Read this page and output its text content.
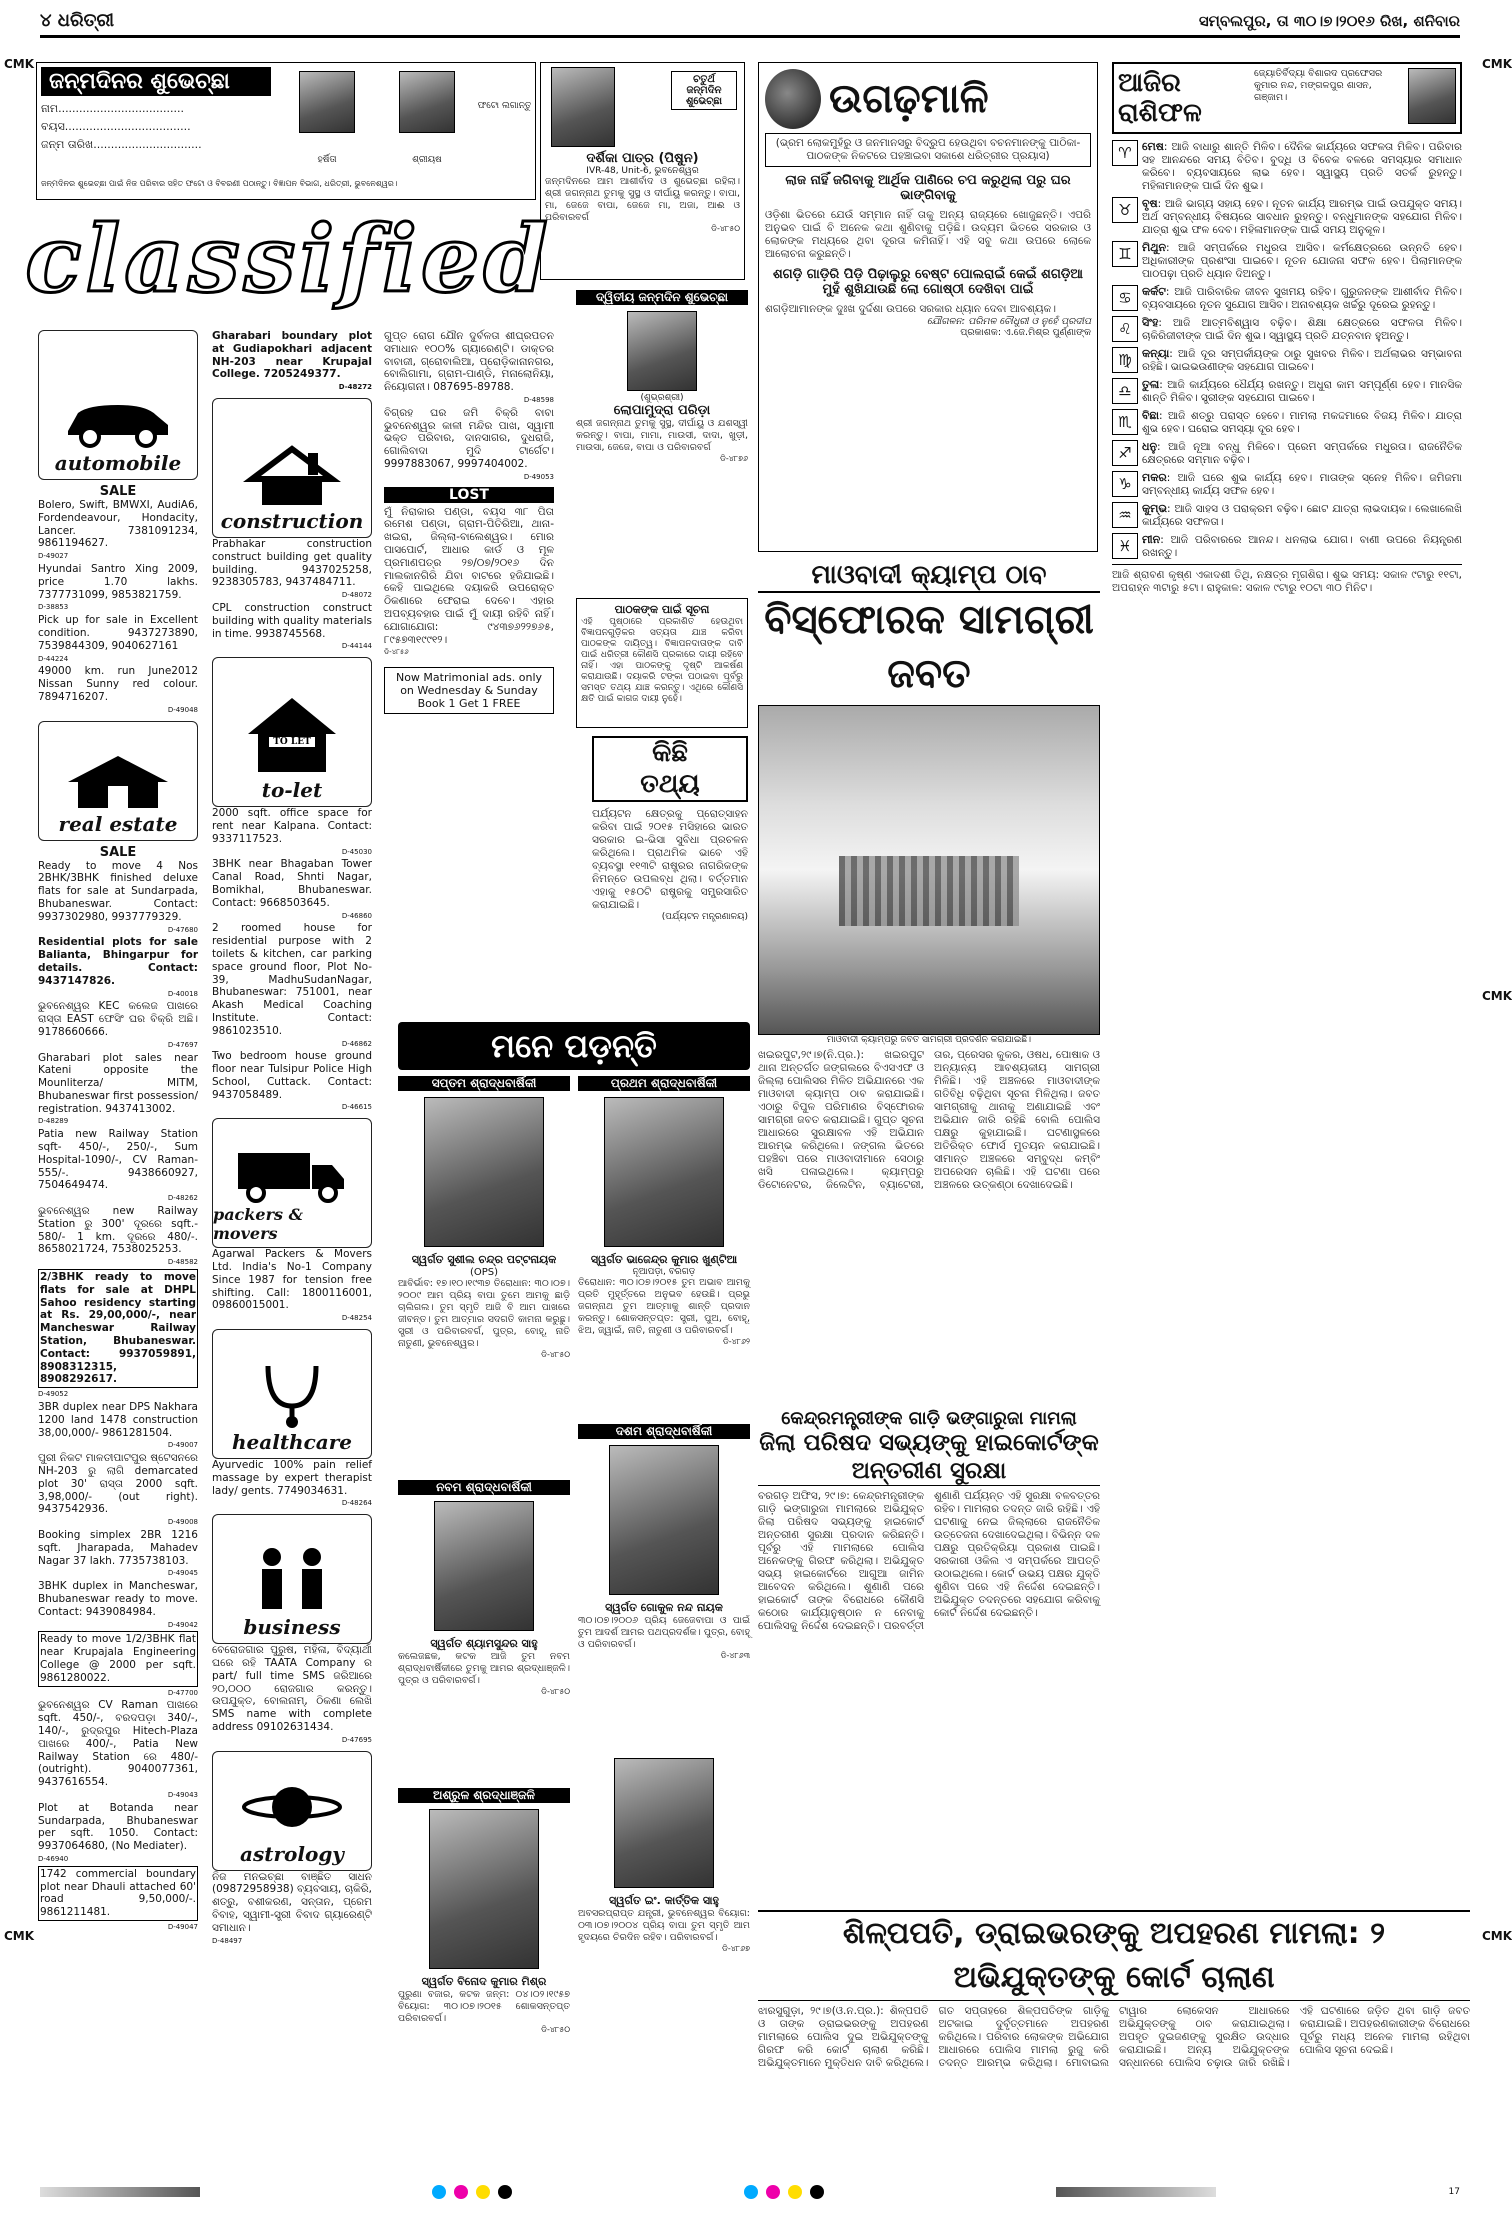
୪ ଧରିତ୍ରୀ	ସମ୍ବଲପୁର, ତା ୩୦।୭।୨୦୧୬ ରିଖ, ଶନିବାର
CMK	CMK
CMK
CMK	CMK
ଜନ୍ମଦିନର ଶୁଭେଚ୍ଛା
ନାମ....................................
ବୟସ....................................
ଜନ୍ମ ତାରିଖ...............................
ହର୍ଷିତା	ଶ୍ରୀୟଷ
ଫଟୋ ଲଗାନ୍ତୁ
ଜନ୍ମଦିନର ଶୁଭେଚ୍ଛା ପାଇଁ ନିଜ ପରିବାର ସହିତ ଫଟୋ ଓ ବିବରଣୀ ପଠାନ୍ତୁ। ବିଜ୍ଞାପନ ବିଭାଗ, ଧରିତ୍ରୀ, ଭୁବନେଶ୍ୱର।
ଚତୁର୍ଥ ଜନ୍ମଦିନ ଶୁଭେଚ୍ଛା
ଦର୍ଶିକା ପାତ୍ର (ପିଷୁନ)
IVR-48, Unit-6, ଭୁବନେଶ୍ୱର
ଜନ୍ମଦିନରେ ଆମ ଆଶୀର୍ବାଦ ଓ ଶୁଭେଚ୍ଛା ରହିଲା। ଶ୍ରୀ ଜଗନ୍ନାଥ ତୁମକୁ ସୁସ୍ଥ ଓ ଦୀର୍ଘାୟୁ କରନ୍ତୁ। ବାପା, ମା, ଜେଜେ ବାପା, ଜେଜେ ମା, ଅଜା, ଆଈ ଓ ପରିବାରବର୍ଗ
ଡି-୪୮୫୦
classified
automobile
SALE
Bolero, Swift, BMWXI, AudiA6, Fordendeavour, Hondacity, Lancer. 7381091234, 9861194627.
D-49027
Hyundai Santro Xing 2009, price 1.70 lakhs. 7377731099, 9853821759.
D-38853
Pick up for sale in Excellent condition. 9437273890, 7539844309, 9040627161
D-44224
49000 km. run June2012 Nissan Sunny red colour. 7894716207.
D-49048
real estate
SALE
Ready to move 4 Nos 2BHK/3BHK finished deluxe flats for sale at Sundarpada, Bhubaneswar. Contact: 9937302980, 9937779329.
D-47680
Residential plots for sale Balianta, Bhingarpur for details. Contact: 9437147826.
D-40018
ଭୁବନେଶ୍ୱର KEC କଲେଜ ପାଖରେ ରାସ୍ତା EAST ଫେସିଂ ଘର ବିକ୍ରି ଅଛି। 9178660666.
D-47697
Gharabari plot sales near Kateni opposite the Mounliterza/ MITM, Bhubaneswar first possession/ registration. 9437413002.
D-48289
Patia new Railway Station sqft- 450/-, 250/-, Sum Hospital-1090/-, CV Raman-555/-. 9438660927, 7504649474.
D-48262
ଭୁବନେଶ୍ୱର new Railway Station ରୁ 300' ଦୂରରେ sqft.- 580/- 1 km. ଦୂରରେ 480/-. 8658021724, 7538025253.
D-48582
2/3BHK ready to move flats for sale at DHPL Sahoo residency starting at Rs. 29,00,000/-, near Mancheswar Railway Station, Bhubaneswar. Contact: 9937059891, 8908312315, 8908292617.
D-49052
3BR duplex near DPS Nakhara 1200 land 1478 construction 38,00,000/- 9861281504.
D-49007
ପୁରୀ ନିକଟ ମାଳତୀପାଟପୁର ଷ୍ଟେସନରେ NH-203 ରୁ ଲାଗି demarcated plot 30' ରାସ୍ତା 2000 sqft. 3,98,000/- (out right). 9437542936.
D-49008
Booking simplex 2BR 1216 sqft. Jharapada, Mahadev Nagar 37 lakh. 7735738103.
D-49045
3BHK duplex in Mancheswar, Bhubaneswar ready to move. Contact: 9439084984.
D-49042
Ready to move 1/2/3BHK flat near Krupajala Engineering College @ 2000 per sqft. 9861280022.
D-47700
ଭୁବନେଶ୍ୱର CV Raman ପାଖରେ sqft. 450/-, ବରଦପଡ଼ା 340/-, 140/-, ରୁଦ୍ରପୁର Hitech-Plaza ପାଖରେ 400/-, Patia New Railway Station ରେ 480/- (outright). 9040077361, 9437616554.
D-49043
Plot at Botanda near Sundarpada, Bhubaneswar per sqft. 1050. Contact: 9937064680, (No Mediater).
D-46940
1742 commercial boundary plot near Dhauli attached 60' road 9,50,000/-. 9861211481.
D-49047
Gharabari boundary plot at Gudiapokhari adjacent NH-203 near Krupajal College. 7205249377.
D-48272
construction
Prabhakar construction construct building get quality building. 9437025258, 9238305783, 9437484711.
D-48072
CPL construction construct building with quality materials in time. 9938745568.
D-44144
TO LET
to-let
2000 sqft. office space for rent near Kalpana. Contact: 9337117523.
D-45030
3BHK near Bhagaban Tower Canal Road, Shnti Nagar, Bomikhal, Bhubaneswar. Contact: 9668503645.
D-46860
2 roomed house for residential purpose with 2 toilets & kitchen, car parking space ground floor, Plot No-39, MadhuSudanNagar, Bhubaneswar: 751001, near Akash Medical Coaching Institute. Contact: 9861023510.
D-46862
Two bedroom house ground floor near Tulsipur Police High School, Cuttack. Contact: 9437058489.
D-46615
packers & movers
Agarwal Packers & Movers Ltd. India's No-1 Company Since 1987 for tension free shifting. Call: 1800116001, 09860015001.
D-48254
healthcare
Ayurvedic 100% pain relief massage by expert therapist lady/ gents. 7749034631.
D-48264
business
ବେରୋଜଗାର ପୁରୁଷ, ମହିଳା, ବିଦ୍ୟାର୍ଥୀ ଘରେ ରହି TAATA Company ର part/ full time SMS ଜରିଆରେ ୨୦,୦୦୦ ରୋଜଗାର କରନ୍ତୁ। ଉପଯୁକ୍ତ, ବୋଲନାମ୍, ଠିକଣା ଲେଖି SMS name with complete address 09102631434.
D-47695
astrology
ନିଜ ମନଇଚ୍ଛା ବାଞ୍ଛିତ ସାଧନ (09872958938) ବ୍ୟବସାୟ, ଚାକିରି, ଶତ୍ରୁ, ବଶୀକରଣ, ସନ୍ତାନ, ପ୍ରେମ ବିବାହ, ସ୍ୱାମୀ-ସ୍ତ୍ରୀ ବିବାଦ ଗ୍ୟାରେଣ୍ଟି ସମାଧାନ।
D-48497
ଗୁପ୍ତ ରୋଗ ଯୌନ ଦୁର୍ବଳତା ଶୀଘ୍ରପତନ ସମାଧାନ ୧୦୦% ଗ୍ୟାରେଣ୍ଟି। ଡାକ୍ତର ବାବାଜୀ, ଗ୍ରୋବାଲିଆ, ପ୍ରୋଡ଼ିକାନାନଗର, ବୋଲିଗାମା, ଗ୍ରାମ-ପାଣ୍ଡି, ମନାଲୋନିୟା, ନିୟୋଗନୀ। 087695-89788.
D-48598
ବିଗ୍ରହ ଘର ଜମି ବିକ୍ରି ବାବା ଭୁବନେଶ୍ୱର କାଳୀ ମନ୍ଦିର ପାଖ, ସ୍ୱାମୀ ଭକ୍ତ ପରିବାର, ଦାନସାଗର, ଦୁଧରାଜି, ଗୋଲିବାଦା ମୁଦି ଟାର୍ଗେଟ। 9997883067, 9997404002.
D-49053
LOST
ମୁଁ ନିରାକାର ପଣ୍ଡା, ବୟସ ୩୮ ପିତା ରମେଶ ପଣ୍ଡା, ଗ୍ରାମ-ପିତିରିଆ, ଥାନା-ଖଇରା, ଜିଲ୍ଲା-ବାଲେଶ୍ୱର। ମୋର ପାସପୋର୍ଟ, ଆଧାର କାର୍ଡ ଓ ମୂଳ ପ୍ରମାଣପତ୍ର ୨୭/୦୭/୨୦୧୬ ଦିନ ମାଲକାନଗିରି ଯିବା ବାଟରେ ହଜିଯାଇଛି। କେହି ପାଇଥିଲେ ଦୟାକରି ଉପରୋକ୍ତ ଠିକଣାରେ ଫେରାଇ ଦେବେ। ଏହାର ଅପବ୍ୟବହାର ପାଇଁ ମୁଁ ଦାୟୀ ରହିବି ନାହିଁ। ଯୋଗାଯୋଗ: ୯୪୩୭୬୨୨୭୬୫, ୮୯୫୭୩୧୯୯୧୨।
ଡି-୪୮୫୬
Now Matrimonial ads. only on Wednesday & Sunday Book 1 Get 1 FREE
ପାଠକଙ୍କ ପାଇଁ ସୂଚନା
ଏହି ପୃଷ୍ଠାରେ ପ୍ରକାଶିତ ହେଉଥିବା ବିଜ୍ଞାପନଗୁଡ଼ିକର ସତ୍ୟତା ଯାଞ୍ଚ କରିବା ପାଠକଙ୍କ ଦାୟିତ୍ୱ। ବିଜ୍ଞାପନଦାତାଙ୍କ ଦାବି ପାଇଁ ଧରିତ୍ରୀ କୌଣସି ପ୍ରକାରେ ଦାୟୀ ରହିବେ ନାହିଁ। ଏହା ପାଠକଙ୍କୁ ଦୃଷ୍ଟି ଆକର୍ଷଣ କରାଯାଉଛି। ଦୟାକରି ଟଙ୍କା ପଠାଇବା ପୂର୍ବରୁ ସମସ୍ତ ତଥ୍ୟ ଯାଞ୍ଚ କରନ୍ତୁ। ଏଥିରେ କୌଣସି କ୍ଷତି ପାଇଁ କାଗଜ ଦାୟୀ ନୁହେଁ।
ଦ୍ୱିତୀୟ ଜନ୍ମଦିନ ଶୁଭେଚ୍ଛା
(ଶୁଭ୍ରଶ୍ରୀ)
ଲୋପାମୁଦ୍ରା ପରିଡ଼ା
ଶ୍ରୀ ଜଗନ୍ନାଥ ତୁମକୁ ସୁସ୍ଥ, ଦୀର୍ଘାୟୁ ଓ ଯଶସ୍ୱୀ କରନ୍ତୁ। ବାପା, ମାମା, ମାଉସୀ, ଦାଦା, ଖୁଡ଼ୀ, ମାଉସା, ଜେଜେ, ବାପା ଓ ପରିବାରବର୍ଗ
ଡି-୪୮୭୬
କିଛି
ତଥ୍ୟ
ପର୍ଯ୍ୟଟନ କ୍ଷେତ୍ରକୁ ପ୍ରୋତ୍ସାହନ କରିବା ପାଇଁ ୨୦୧୫ ମସିହାରେ ଭାରତ ସରକାର ଇ-ଭିସା ସୁବିଧା ପ୍ରଚଳନ କରିଥିଲେ। ପ୍ରାଥମିକ ଭାବେ ଏହି ବ୍ୟବସ୍ଥା ୧୧୩ଟି ରାଷ୍ଟ୍ରର ନାଗରିକଙ୍କ ନିମନ୍ତେ ଉପଲବ୍ଧ ଥିଲା। ବର୍ତ୍ତମାନ ଏହାକୁ ୧୫୦ଟି ରାଷ୍ଟ୍ରକୁ ସମ୍ପ୍ରସାରିତ କରାଯାଇଛି।
(ପର୍ଯ୍ୟଟନ ମନ୍ତ୍ରଣାଳୟ)
ମନେ ପଡ଼ନ୍ତି
ସପ୍ତମ ଶ୍ରାଦ୍ଧବାର୍ଷିକୀ
ସ୍ୱର୍ଗତ ସୁଶୀଲ ଚନ୍ଦ୍ର ପଟ୍ଟନାୟକ
(OPS)
ଆବିର୍ଭାବ: ୧୭।୧୦।୧୯୩୭ ତିରୋଧାନ: ୩୦।୦୭।୨୦୦୯ ଆମ ପ୍ରିୟ ବାପା ତୁମେ ଆମକୁ ଛାଡ଼ି ଚାଲିଗଲ। ତୁମ ସ୍ମୃତି ଆଜି ବି ଆମ ପାଖରେ ଜୀବନ୍ତ। ତୁମ ଆତ୍ମାର ସଦଗତି କାମନା କରୁଛୁ। ସ୍ତ୍ରୀ ଓ ପରିବାରବର୍ଗ, ପୁତ୍ର, ବୋହୂ, ନାତି ନାତୁଣୀ, ଭୁବନେଶ୍ୱର।
ଡି-୪୮୫୦
ପ୍ରଥମ ଶ୍ରାଦ୍ଧବାର୍ଷିକୀ
ସ୍ୱର୍ଗତ ଭାଜେନ୍ଦ୍ର କୁମାର ଖୁଣ୍ଟିଆ
ନୂଆପଡ଼ା, ବରଗଡ଼
ତିରୋଧାନ: ୩୦।୦୭।୨୦୧୫ ତୁମ ଅଭାବ ଆମକୁ ପ୍ରତି ମୁହୂର୍ତ୍ତରେ ଅନୁଭବ ହେଉଛି। ପ୍ରଭୁ ଜଗନ୍ନାଥ ତୁମ ଆତ୍ମାକୁ ଶାନ୍ତି ପ୍ରଦାନ କରନ୍ତୁ। ଶୋକସନ୍ତପ୍ତ: ସ୍ତ୍ରୀ, ପୁଅ, ବୋହୂ, ଝିଅ, ଜ୍ୱାଇଁ, ନାତି, ନାତୁଣୀ ଓ ପରିବାରବର୍ଗ।
ଡି-୪୮୬୨
ନବମ ଶ୍ରାଦ୍ଧବାର୍ଷିକୀ
ସ୍ୱର୍ଗତ ଶ୍ୟାମସୁନ୍ଦର ସାହୁ
କଲେଜଛକ, କଟକ ଆଜି ତୁମ ନବମ ଶ୍ରାଦ୍ଧବାର୍ଷିକୀରେ ତୁମକୁ ଆମର ଶ୍ରଦ୍ଧାଞ୍ଜଳି। ପୁତ୍ର ଓ ପରିବାରବର୍ଗ।
ଡି-୪୮୫୦
ଦଶମ ଶ୍ରାଦ୍ଧବାର୍ଷିକୀ
ସ୍ୱର୍ଗତ ଗୋକୁଳ ନନ୍ଦ ନାୟକ
୩୦।୦୭।୨୦୦୬ ପ୍ରିୟ ଜେଜେବାପା ଓ ପାଇଁ ତୁମ ଆଦର୍ଶ ଆମର ପଥପ୍ରଦର୍ଶକ। ପୁତ୍ର, ବୋହୂ ଓ ପରିବାରବର୍ଗ।
ଡି-୪୮୬୩
ଅଶ୍ରୁଳ ଶ୍ରଦ୍ଧାଞ୍ଜଳି
ସ୍ୱର୍ଗତ ବିନୋଦ କୁମାର ମିଶ୍ର
ପୁରୁଣା ବଜାର, କଟକ ଜନ୍ମ: ୦୪।୦୨।୧୯୫୭ ବିୟୋଗ: ୩୦।୦୭।୨୦୧୫ ଶୋକସନ୍ତପ୍ତ ପରିବାରବର୍ଗ।
ଡି-୪୮୫୦
ସ୍ୱର୍ଗତ ଇଂ. କାର୍ତ୍ତିକ ସାହୁ
ଅବସରପ୍ରାପ୍ତ ଯନ୍ତ୍ରୀ, ଭୁବନେଶ୍ୱର ବିୟୋଗ: ୦୩।୦୭।୨୦୦୪ ପ୍ରିୟ ବାପା ତୁମ ସ୍ମୃତି ଆମ ହୃଦୟରେ ଚିରଦିନ ରହିବ। ପରିବାରବର୍ଗ।
ଡି-୪୮୬୭
ଉଗଢ଼ମାଳି
(ଭ୍ରମ ଲୋକମୁହଁରୁ ଓ ଜନମାନସରୁ ବିଦ୍ରୁପ ହେଉଥିବା ବଚନମାନଙ୍କୁ ପାଠିକା-ପାଠକଙ୍କ ନିକଟରେ ପହଞ୍ଚାଇବା ସକାଶେ ଧରିତ୍ରୀର ପ୍ରୟାସ)
ଲାଜ ନାହିଁ ଜଗିବାକୁ ଆର୍ଥିକ ପାଣିରେ ଚପ କରୁଥିଲା ପରୁ ଘର ଭାଙ୍ଗିବାକୁ
ଓଡ଼ିଶା ଭିତରେ ଯେଉଁ ସମ୍ମାନ ନାହିଁ ତାକୁ ଅନ୍ୟ ରାଜ୍ୟରେ ଖୋଜୁଛନ୍ତି। ଏପରି ଅନୁଭବ ପାଇଁ ବି ଅନେକ କଥା ଶୁଣିବାକୁ ପଡ଼ିଛି। ଉଦ୍ୟମ ଭିତରେ ସରକାର ଓ ଲୋକଙ୍କ ମଧ୍ୟରେ ଥିବା ଦୂରତା କମିନାହିଁ। ଏହି ସବୁ କଥା ଉପରେ ଲୋକେ ଆଲୋଚନା କରୁଛନ୍ତି।
ଶଗଡ଼ି ଗାଡ଼ିରି ପିଡ଼ି ପିଢ଼ାଲୁରୁ ବେଷ୍ଟ ପୋଲରାଇଁ କେଇଁ ଶଗଡ଼ିଆ ମୁହଁ ଶୁଖିଯାଉଛି ଲୋ ଗୋଷ୍ଠୀ ଦେଖିବା ପାଇଁ
ଶଗଡ଼ିଆମାନଙ୍କ ଦୁଃଖ ଦୁର୍ଦ୍ଦଶା ଉପରେ ସରକାର ଧ୍ୟାନ ଦେବା ଆବଶ୍ୟକ।
ଯୌଗଳନ: ପରିମଳ ଚୌଧୁରୀ ଓ ନୁହେଁ ପ୍ରଦୀପ
ପ୍ରକାଶକ: ଏ.ଜେ.ମିଶ୍ର ପୁର୍ଣ୍ଣାଙ୍କ
ମାଓବାଦୀ କ୍ୟାମ୍ପ ଠାବ
ବିସ୍ଫୋରକ ସାମଗ୍ରୀ ଜବତ
ମାଓବାଦୀ କ୍ୟାମ୍ପରୁ ଜବତ ସାମଗ୍ରୀ ପ୍ରଦର୍ଶନ କରାଯାଇଛି।
ଖଇରପୁଟ,୨୯।୭(ନି.ପ୍ର.): ଖଇରପୁଟ ଥାନା ଅନ୍ତର୍ଗତ ଜଙ୍ଗଲରେ ବିଏସଏଫ ଓ ଜିଲ୍ଲା ପୋଲିସର ମିଳିତ ଅଭିଯାନରେ ଏକ ମାଓବାଦୀ କ୍ୟାମ୍ପ ଠାବ କରାଯାଇଛି। ଏଠାରୁ ବିପୁଳ ପରିମାଣର ବିସ୍ଫୋରକ ସାମଗ୍ରୀ ଜବତ କରାଯାଇଛି। ଗୁପ୍ତ ସୂଚନା ଆଧାରରେ ସୁରକ୍ଷାବଳ ଏହି ଅଭିଯାନ ଆରମ୍ଭ କରିଥିଲେ। ଜଙ୍ଗଲ ଭିତରେ ପହଞ୍ଚିବା ପରେ ମାଓବାଦୀମାନେ ସେଠାରୁ ଖସି ପଳାଇଥିଲେ। କ୍ୟାମ୍ପରୁ ଡିଟୋନେଟର, ଜିଲେଟିନ, ବ୍ୟାଟେରୀ, ତାର, ପ୍ରେସର କୁକର, ଓଷଧ, ପୋଷାକ ଓ ଅନ୍ୟାନ୍ୟ ଆବଶ୍ୟକୀୟ ସାମଗ୍ରୀ ମିଳିଛି। ଏହି ଅଞ୍ଚଳରେ ମାଓବାଦୀଙ୍କ ଗତିବିଧି ବଢ଼ିଥିବା ସୂଚନା ମିଳିଥିଲା। ଜବତ ସାମଗ୍ରୀକୁ ଥାନାକୁ ଅଣାଯାଇଛି ଏବଂ ଅଭିଯାନ ଜାରି ରହିଛି ବୋଲି ପୋଲିସ ପକ୍ଷରୁ କୁହାଯାଇଛି। ଘଟଣାସ୍ଥଳରେ ଅତିରିକ୍ତ ଫୋର୍ସ ମୁତୟନ କରାଯାଇଛି। ସୀମାନ୍ତ ଅଞ୍ଚଳରେ ସମ୍ବୁଦ୍ଧ କମ୍ବିଂ ଅପରେସନ ଚାଲିଛି। ଏହି ଘଟଣା ପରେ ଅଞ୍ଚଳରେ ଉତ୍କଣ୍ଠା ଦେଖାଦେଇଛି।
କେନ୍ଦ୍ରମନ୍ତ୍ରୀଙ୍କ ଗାଡ଼ି ଭଙ୍ଗାରୁଜା ମାମଲା
ଜିଲା ପରିଷଦ ସଭ୍ୟଙ୍କୁ ହାଇକୋର୍ଟଙ୍କ ଅନ୍ତରୀଣ ସୁରକ୍ଷା
ବରଗଡ଼ ଅଫିସ, ୨୯।୭: କେନ୍ଦ୍ରମନ୍ତ୍ରୀଙ୍କ ଗାଡ଼ି ଭଙ୍ଗାରୁଜା ମାମଲାରେ ଅଭିଯୁକ୍ତ ଜିଲା ପରିଷଦ ସଭ୍ୟଙ୍କୁ ହାଇକୋର୍ଟ ଅନ୍ତରୀଣ ସୁରକ୍ଷା ପ୍ରଦାନ କରିଛନ୍ତି। ପୂର୍ବରୁ ଏହି ମାମଲାରେ ପୋଲିସ ଅନେକଙ୍କୁ ଗିରଫ କରିଥିଲା। ଅଭିଯୁକ୍ତ ସଭ୍ୟ ହାଇକୋର୍ଟରେ ଆଗୁଆ ଜାମିନ ଆବେଦନ କରିଥିଲେ। ଶୁଣାଣି ପରେ ହାଇକୋର୍ଟ ତାଙ୍କ ବିରୋଧରେ କୌଣସି କଠୋର କାର୍ଯ୍ୟାନୁଷ୍ଠାନ ନ ନେବାକୁ ପୋଲିସକୁ ନିର୍ଦ୍ଦେଶ ଦେଇଛନ୍ତି। ପରବର୍ତ୍ତୀ ଶୁଣାଣି ପର୍ଯ୍ୟନ୍ତ ଏହି ସୁରକ୍ଷା ବଳବତ୍ତର ରହିବ। ମାମଲାର ତଦନ୍ତ ଜାରି ରହିଛି। ଏହି ଘଟଣାକୁ ନେଇ ଜିଲ୍ଲାରେ ରାଜନୈତିକ ଉତ୍ତେଜନା ଦେଖାଦେଇଥିଲା। ବିଭିନ୍ନ ଦଳ ପକ୍ଷରୁ ପ୍ରତିକ୍ରିୟା ପ୍ରକାଶ ପାଇଛି। ସରକାରୀ ଓକିଲ ଏ ସମ୍ପର୍କରେ ଆପତ୍ତି ଉଠାଇଥିଲେ। କୋର୍ଟ ଉଭୟ ପକ୍ଷର ଯୁକ୍ତି ଶୁଣିବା ପରେ ଏହି ନିର୍ଦ୍ଦେଶ ଦେଇଛନ୍ତି। ଅଭିଯୁକ୍ତ ତଦନ୍ତରେ ସହଯୋଗ କରିବାକୁ କୋର୍ଟ ନିର୍ଦ୍ଦେଶ ଦେଇଛନ୍ତି।
ଶିଳ୍ପପତି, ଡ୍ରାଇଭରଙ୍କୁ ଅପହରଣ ମାମଲା: ୨ ଅଭିଯୁକ୍ତଙ୍କୁ କୋର୍ଟ ଚାଲାଣ
ଝାରସୁଗୁଡ଼ା, ୨୯।୭(ଓ.ନ.ପ୍ର.): ଶିଳ୍ପପତି ଓ ତାଙ୍କ ଡ୍ରାଇଭରଙ୍କୁ ଅପହରଣ ମାମଲାରେ ପୋଲିସ ଦୁଇ ଅଭିଯୁକ୍ତଙ୍କୁ ଗିରଫ କରି କୋର୍ଟ ଚାଲାଣ କରିଛି। ଅଭିଯୁକ୍ତମାନେ ମୁକ୍ତିଧନ ଦାବି କରିଥିଲେ। ଗତ ସପ୍ତାହରେ ଶିଳ୍ପପତିଙ୍କ ଗାଡ଼ିକୁ ଅଟକାଇ ଦୁର୍ବୃତ୍ତମାନେ ଅପହରଣ କରିଥିଲେ। ପରିବାର ଲୋକଙ୍କ ଅଭିଯୋଗ ଆଧାରରେ ପୋଲିସ ମାମଲା ରୁଜୁ କରି ତଦନ୍ତ ଆରମ୍ଭ କରିଥିଲା। ମୋବାଇଲ ଟାୱାର ଲୋକେସନ ଆଧାରରେ ଅଭିଯୁକ୍ତଙ୍କୁ ଠାବ କରାଯାଇଥିଲା। ଅପହୃତ ଦୁଇଜଣଙ୍କୁ ସୁରକ୍ଷିତ ଉଦ୍ଧାର କରାଯାଇଛି। ଅନ୍ୟ ଅଭିଯୁକ୍ତଙ୍କ ସନ୍ଧାନରେ ପୋଲିସ ଚଢ଼ାଉ ଜାରି ରଖିଛି। ଏହି ଘଟଣାରେ ଜଡ଼ିତ ଥିବା ଗାଡ଼ି ଜବତ କରାଯାଇଛି। ଅପହରଣକାରୀଙ୍କ ବିରୋଧରେ ପୂର୍ବରୁ ମଧ୍ୟ ଅନେକ ମାମଲା ରହିଥିବା ପୋଲିସ ସୂଚନା ଦେଇଛି।
ଆଜିର ରାଶିଫଳ
ଜ୍ୟୋତିର୍ବିଦ୍ୟା ବିଶାରଦ ପ୍ରଫେସର କୁମାର ନନ୍ଦ, ମଙ୍ଗଳପୁର ଶାସନ, ଗଞ୍ଜାମ।
♈ ମେଷ: ଆଜି ବାଧାରୁ ଶାନ୍ତି ମିଳିବ। ଦୈନିକ କାର୍ଯ୍ୟରେ ସଫଳତା ମିଳିବ। ପରିବାର ସହ ଆନନ୍ଦରେ ସମୟ ବିତିବ। ବୁଦ୍ଧି ଓ ବିବେକ ବଳରେ ସମସ୍ୟାର ସମାଧାନ କରିବେ। ବ୍ୟବସାୟରେ ଲାଭ ହେବ। ସ୍ୱାସ୍ଥ୍ୟ ପ୍ରତି ସତର୍କ ରୁହନ୍ତୁ। ମହିଳାମାନଙ୍କ ପାଇଁ ଦିନ ଶୁଭ।
♉ ବୃଷ: ଆଜି ଭାଗ୍ୟ ସହାୟ ହେବ। ନୂତନ କାର୍ଯ୍ୟ ଆରମ୍ଭ ପାଇଁ ଉପଯୁକ୍ତ ସମୟ। ଅର୍ଥ ସମ୍ବନ୍ଧୀୟ ବିଷୟରେ ସାବଧାନ ରୁହନ୍ତୁ। ବନ୍ଧୁମାନଙ୍କ ସହଯୋଗ ମିଳିବ। ଯାତ୍ରା ଶୁଭ ଫଳ ଦେବ। ମହିଳାମାନଙ୍କ ପାଇଁ ସମୟ ଅନୁକୂଳ।
♊ ମିଥୁନ: ଆଜି ସମ୍ପର୍କରେ ମଧୁରତା ଆସିବ। କର୍ମକ୍ଷେତ୍ରରେ ଉନ୍ନତି ହେବ। ଅଧିକାରୀଙ୍କ ପ୍ରଶଂସା ପାଇବେ। ନୂତନ ଯୋଜନା ସଫଳ ହେବ। ପିଲାମାନଙ୍କ ପାଠପଢ଼ା ପ୍ରତି ଧ୍ୟାନ ଦିଅନ୍ତୁ।
♋ କର୍କଟ: ଆଜି ପାରିବାରିକ ଜୀବନ ସୁଖମୟ ରହିବ। ଗୁରୁଜନଙ୍କ ଆଶୀର୍ବାଦ ମିଳିବ। ବ୍ୟବସାୟରେ ନୂତନ ସୁଯୋଗ ଆସିବ। ଅନାବଶ୍ୟକ ଖର୍ଚ୍ଚରୁ ଦୂରେଇ ରୁହନ୍ତୁ।
♌ ସିଂହ: ଆଜି ଆତ୍ମବିଶ୍ୱାସ ବଢ଼ିବ। ଶିକ୍ଷା କ୍ଷେତ୍ରରେ ସଫଳତା ମିଳିବ। ଚାକିରିଜୀବୀଙ୍କ ପାଇଁ ଦିନ ଶୁଭ। ସ୍ୱାସ୍ଥ୍ୟ ପ୍ରତି ଯତ୍ନବାନ ହୁଅନ୍ତୁ।
♍ କନ୍ୟା: ଆଜି ଦୂର ସମ୍ପର୍କୀୟଙ୍କ ଠାରୁ ସୁଖବର ମିଳିବ। ଅର୍ଥଲାଭର ସମ୍ଭାବନା ରହିଛି। ଭାଇଭଉଣୀଙ୍କ ସହଯୋଗ ପାଇବେ।
♎ ତୁଳା: ଆଜି କାର୍ଯ୍ୟରେ ଧୈର୍ଯ୍ୟ ରଖନ୍ତୁ। ଅଧୁରା କାମ ସମ୍ପୂର୍ଣ୍ଣ ହେବ। ମାନସିକ ଶାନ୍ତି ମିଳିବ। ସ୍ତ୍ରୀଙ୍କ ସହଯୋଗ ପାଇବେ।
♏ ବିଛା: ଆଜି ଶତ୍ରୁ ପରାସ୍ତ ହେବେ। ମାମଲା ମକଦ୍ଦମାରେ ବିଜୟ ମିଳିବ। ଯାତ୍ରା ଶୁଭ ହେବ। ଘରୋଇ ସମସ୍ୟା ଦୂର ହେବ।
♐ ଧନୁ: ଆଜି ନୂଆ ବନ୍ଧୁ ମିଳିବେ। ପ୍ରେମ ସମ୍ପର୍କରେ ମଧୁରତା। ରାଜନୈତିକ କ୍ଷେତ୍ରରେ ସମ୍ମାନ ବଢ଼ିବ।
♑ ମକର: ଆଜି ଘରେ ଶୁଭ କାର୍ଯ୍ୟ ହେବ। ମାତାଙ୍କ ସ୍ନେହ ମିଳିବ। ଜମିଜମା ସମ୍ବନ୍ଧୀୟ କାର୍ଯ୍ୟ ସଫଳ ହେବ।
♒ କୁମ୍ଭ: ଆଜି ସାହସ ଓ ପରାକ୍ରମ ବଢ଼ିବ। ଛୋଟ ଯାତ୍ରା ଲାଭଦାୟକ। ଲେଖାଲେଖି କାର୍ଯ୍ୟରେ ସଫଳତା।
♓ ମୀନ: ଆଜି ପରିବାରରେ ଆନନ୍ଦ। ଧନଲାଭ ଯୋଗ। ବାଣୀ ଉପରେ ନିୟନ୍ତ୍ରଣ ରଖନ୍ତୁ।
ଆଜି ଶ୍ରାବଣ କୃଷ୍ଣ ଏକାଦଶୀ ତିଥି, ନକ୍ଷତ୍ର ମୃଗଶିରା। ଶୁଭ ସମୟ: ସକାଳ ୯ଟାରୁ ୧୧ଟା, ଅପରାହ୍ନ ୩ଟାରୁ ୫ଟା। ରାହୁକାଳ: ସକାଳ ୯ଟାରୁ ୧୦ଟା ୩୦ ମିନିଟ।
17
